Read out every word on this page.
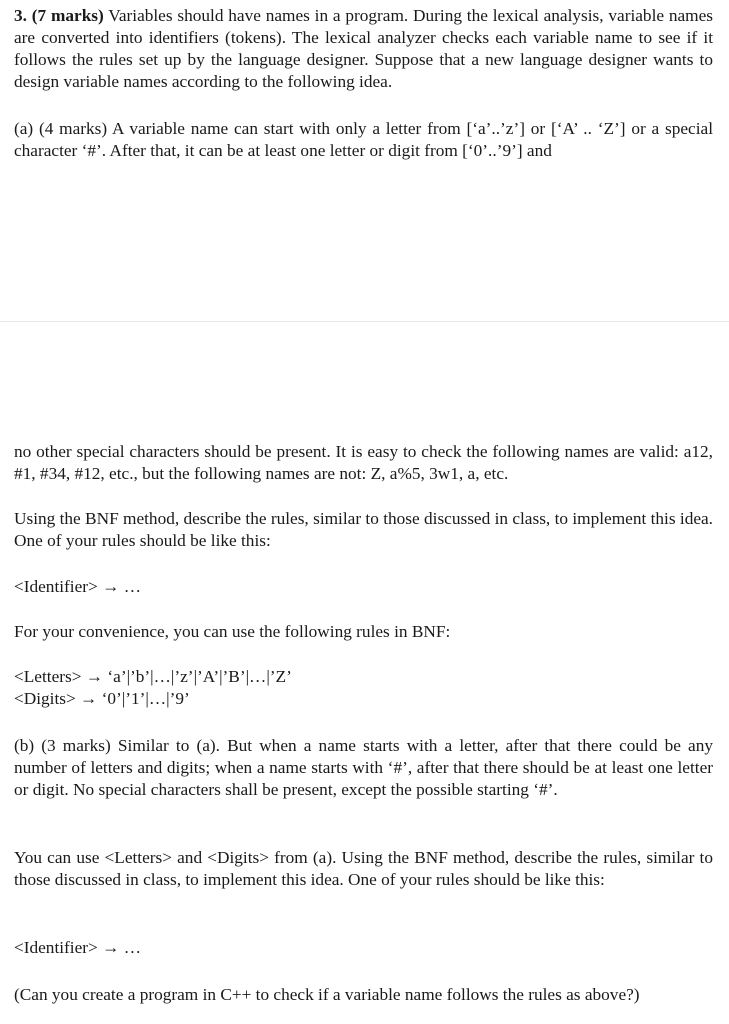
3. (7 marks) Variables should have names in a program. During the lexical analysis, variable names are converted into identifiers (tokens). The lexical analyzer checks each variable name to see if it follows the rules set up by the language designer. Suppose that a new language designer wants to design variable names according to the following idea.

(a) (4 marks) A variable name can start with only a letter from [‘a’..’z’] or [‘A’ .. ‘Z’] or a special character ‘#’. After that, it can be at least one letter or digit from [‘0’..’9’] and

no other special characters should be present. It is easy to check the following names are valid: a12, #1, #34, #12, etc., but the following names are not: Z, a%5, 3w1, a, etc.

Using the BNF method, describe the rules, similar to those discussed in class, to implement this idea. One of your rules should be like this:

<Identifier> → …

For your convenience, you can use the following rules in BNF:

<Letters> → ‘a’|’b’|…|’z’|’A’|’B’|…|’Z’
<Digits> → ‘0’|’1’|…|’9’

(b) (3 marks) Similar to (a). But when a name starts with a letter, after that there could be any number of letters and digits; when a name starts with ‘#’, after that there should be at least one letter or digit. No special characters shall be present, except the possible starting ‘#’.

You can use <Letters> and <Digits> from (a). Using the BNF method, describe the rules, similar to those discussed in class, to implement this idea. One of your rules should be like this:

<Identifier> → …

(Can you create a program in C++ to check if a variable name follows the rules as above?)
